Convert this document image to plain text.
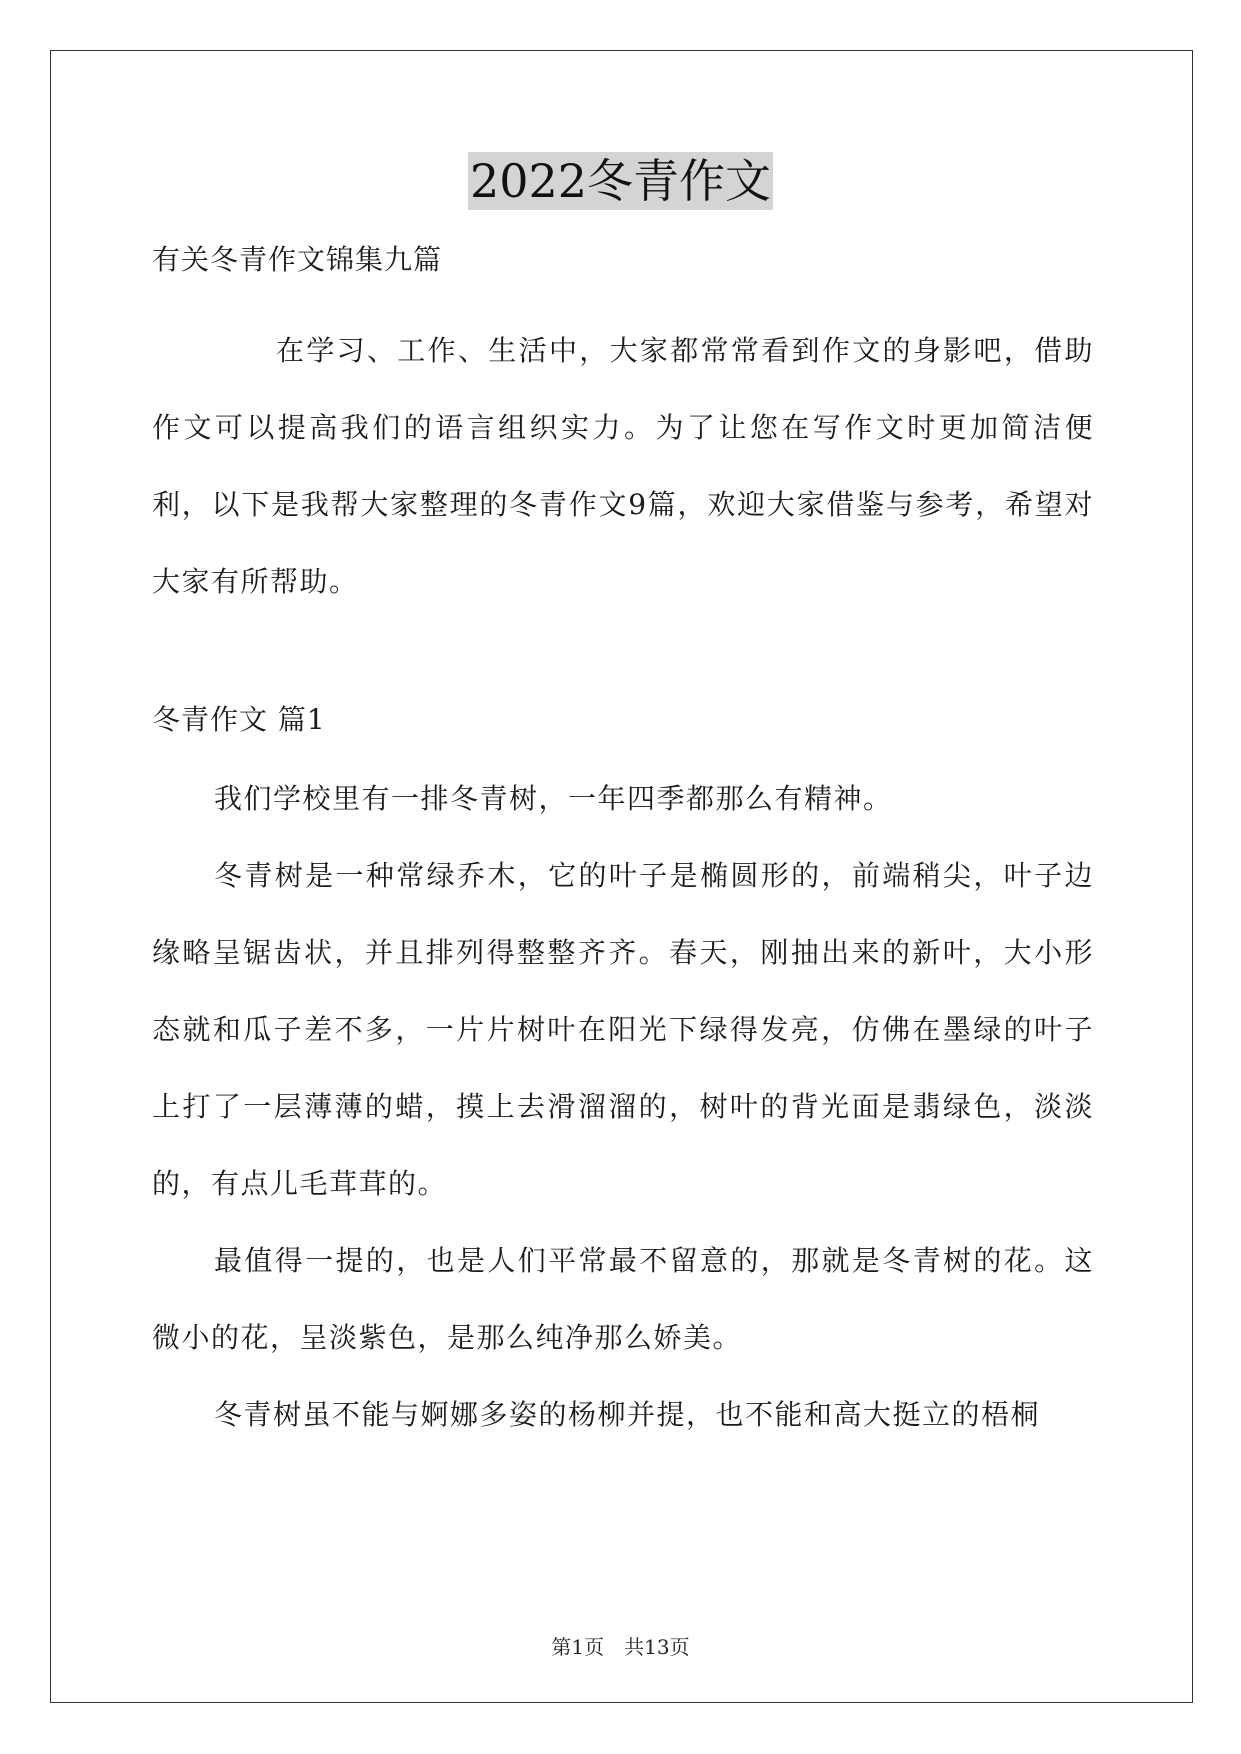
2022冬青作文

有关冬青作文锦集九篇

在学习、工作、生活中，大家都常常看到作文的身影吧，借助作文可以提高我们的语言组织实力。为了让您在写作文时更加简洁便利，以下是我帮大家整理的冬青作文9篇，欢迎大家借鉴与参考，希望对大家有所帮助。

冬青作文 篇1

我们学校里有一排冬青树，一年四季都那么有精神。

冬青树是一种常绿乔木，它的叶子是椭圆形的，前端稍尖，叶子边缘略呈锯齿状，并且排列得整整齐齐。春天，刚抽出来的新叶，大小形态就和瓜子差不多，一片片树叶在阳光下绿得发亮，仿佛在墨绿的叶子上打了一层薄薄的蜡，摸上去滑溜溜的，树叶的背光面是翡绿色，淡淡的，有点儿毛茸茸的。

最值得一提的，也是人们平常最不留意的，那就是冬青树的花。这微小的花，呈淡紫色，是那么纯净那么娇美。

冬青树虽不能与婀娜多姿的杨柳并提，也不能和高大挺立的梧桐

第1页 共13页
